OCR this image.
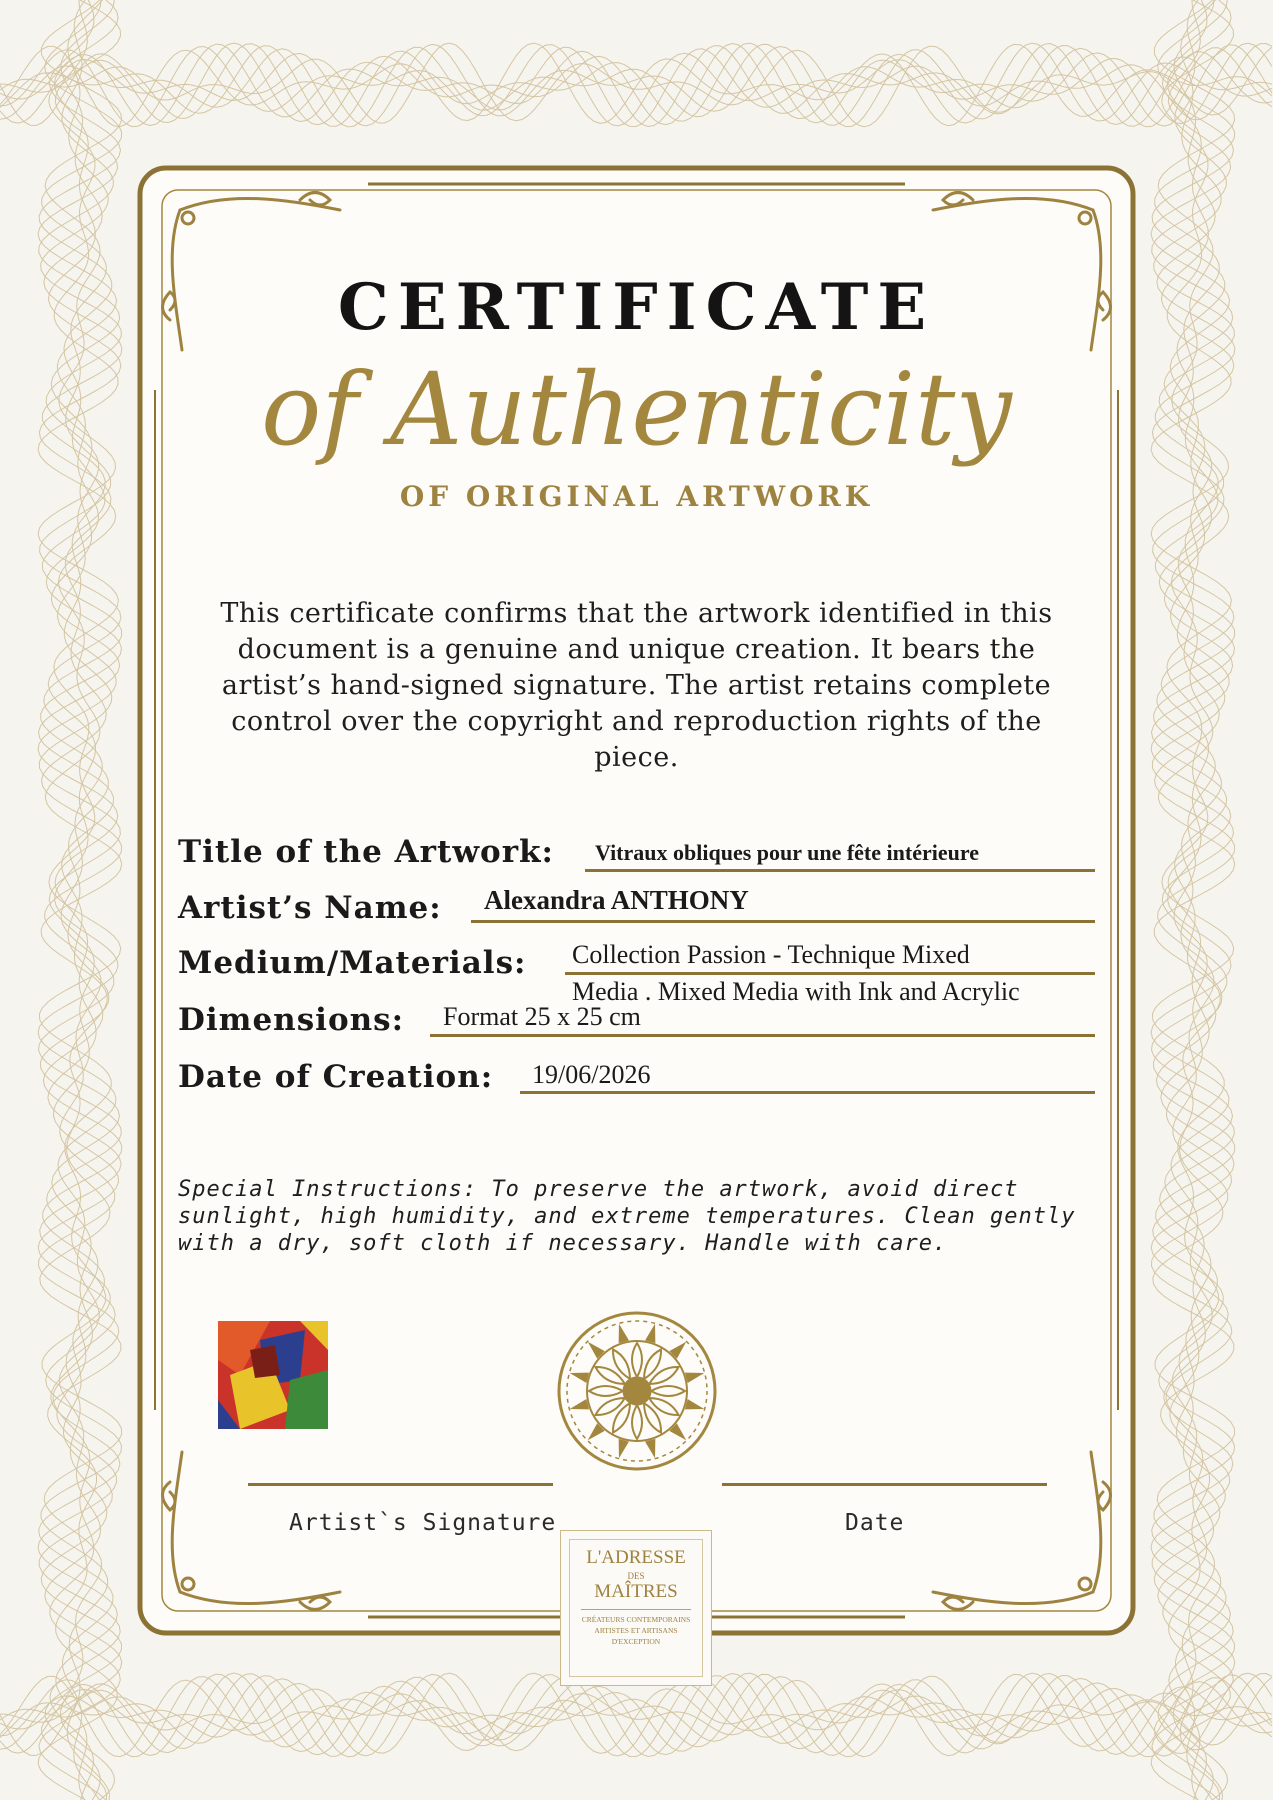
CERTIFICATE
of Authenticity
OF ORIGINAL ARTWORK
This certificate confirms that the artwork identified in this document is a genuine and unique creation. It bears the artist’s hand-signed signature. The artist retains complete control over the copyright and reproduction rights of the piece.
Title of the Artwork: Vitraux obliques pour une fête intérieure
Artist’s Name: Alexandra ANTHONY
Medium/Materials: Collection Passion - Technique Mixed
Media . Mixed Media with Ink and Acrylic
Dimensions: Format 25 x 25 cm
Date of Creation: 19/06/2026
Special Instructions: To preserve the artwork, avoid direct sunlight, high humidity, and extreme temperatures. Clean gently with a dry, soft cloth if necessary. Handle with care.
Artist`s Signature	Date
L'ADRESSE
DES
MAÎTRES
CRÉATEURS CONTEMPORAINS
ARTISTES ET ARTISANS
D'EXCEPTION
